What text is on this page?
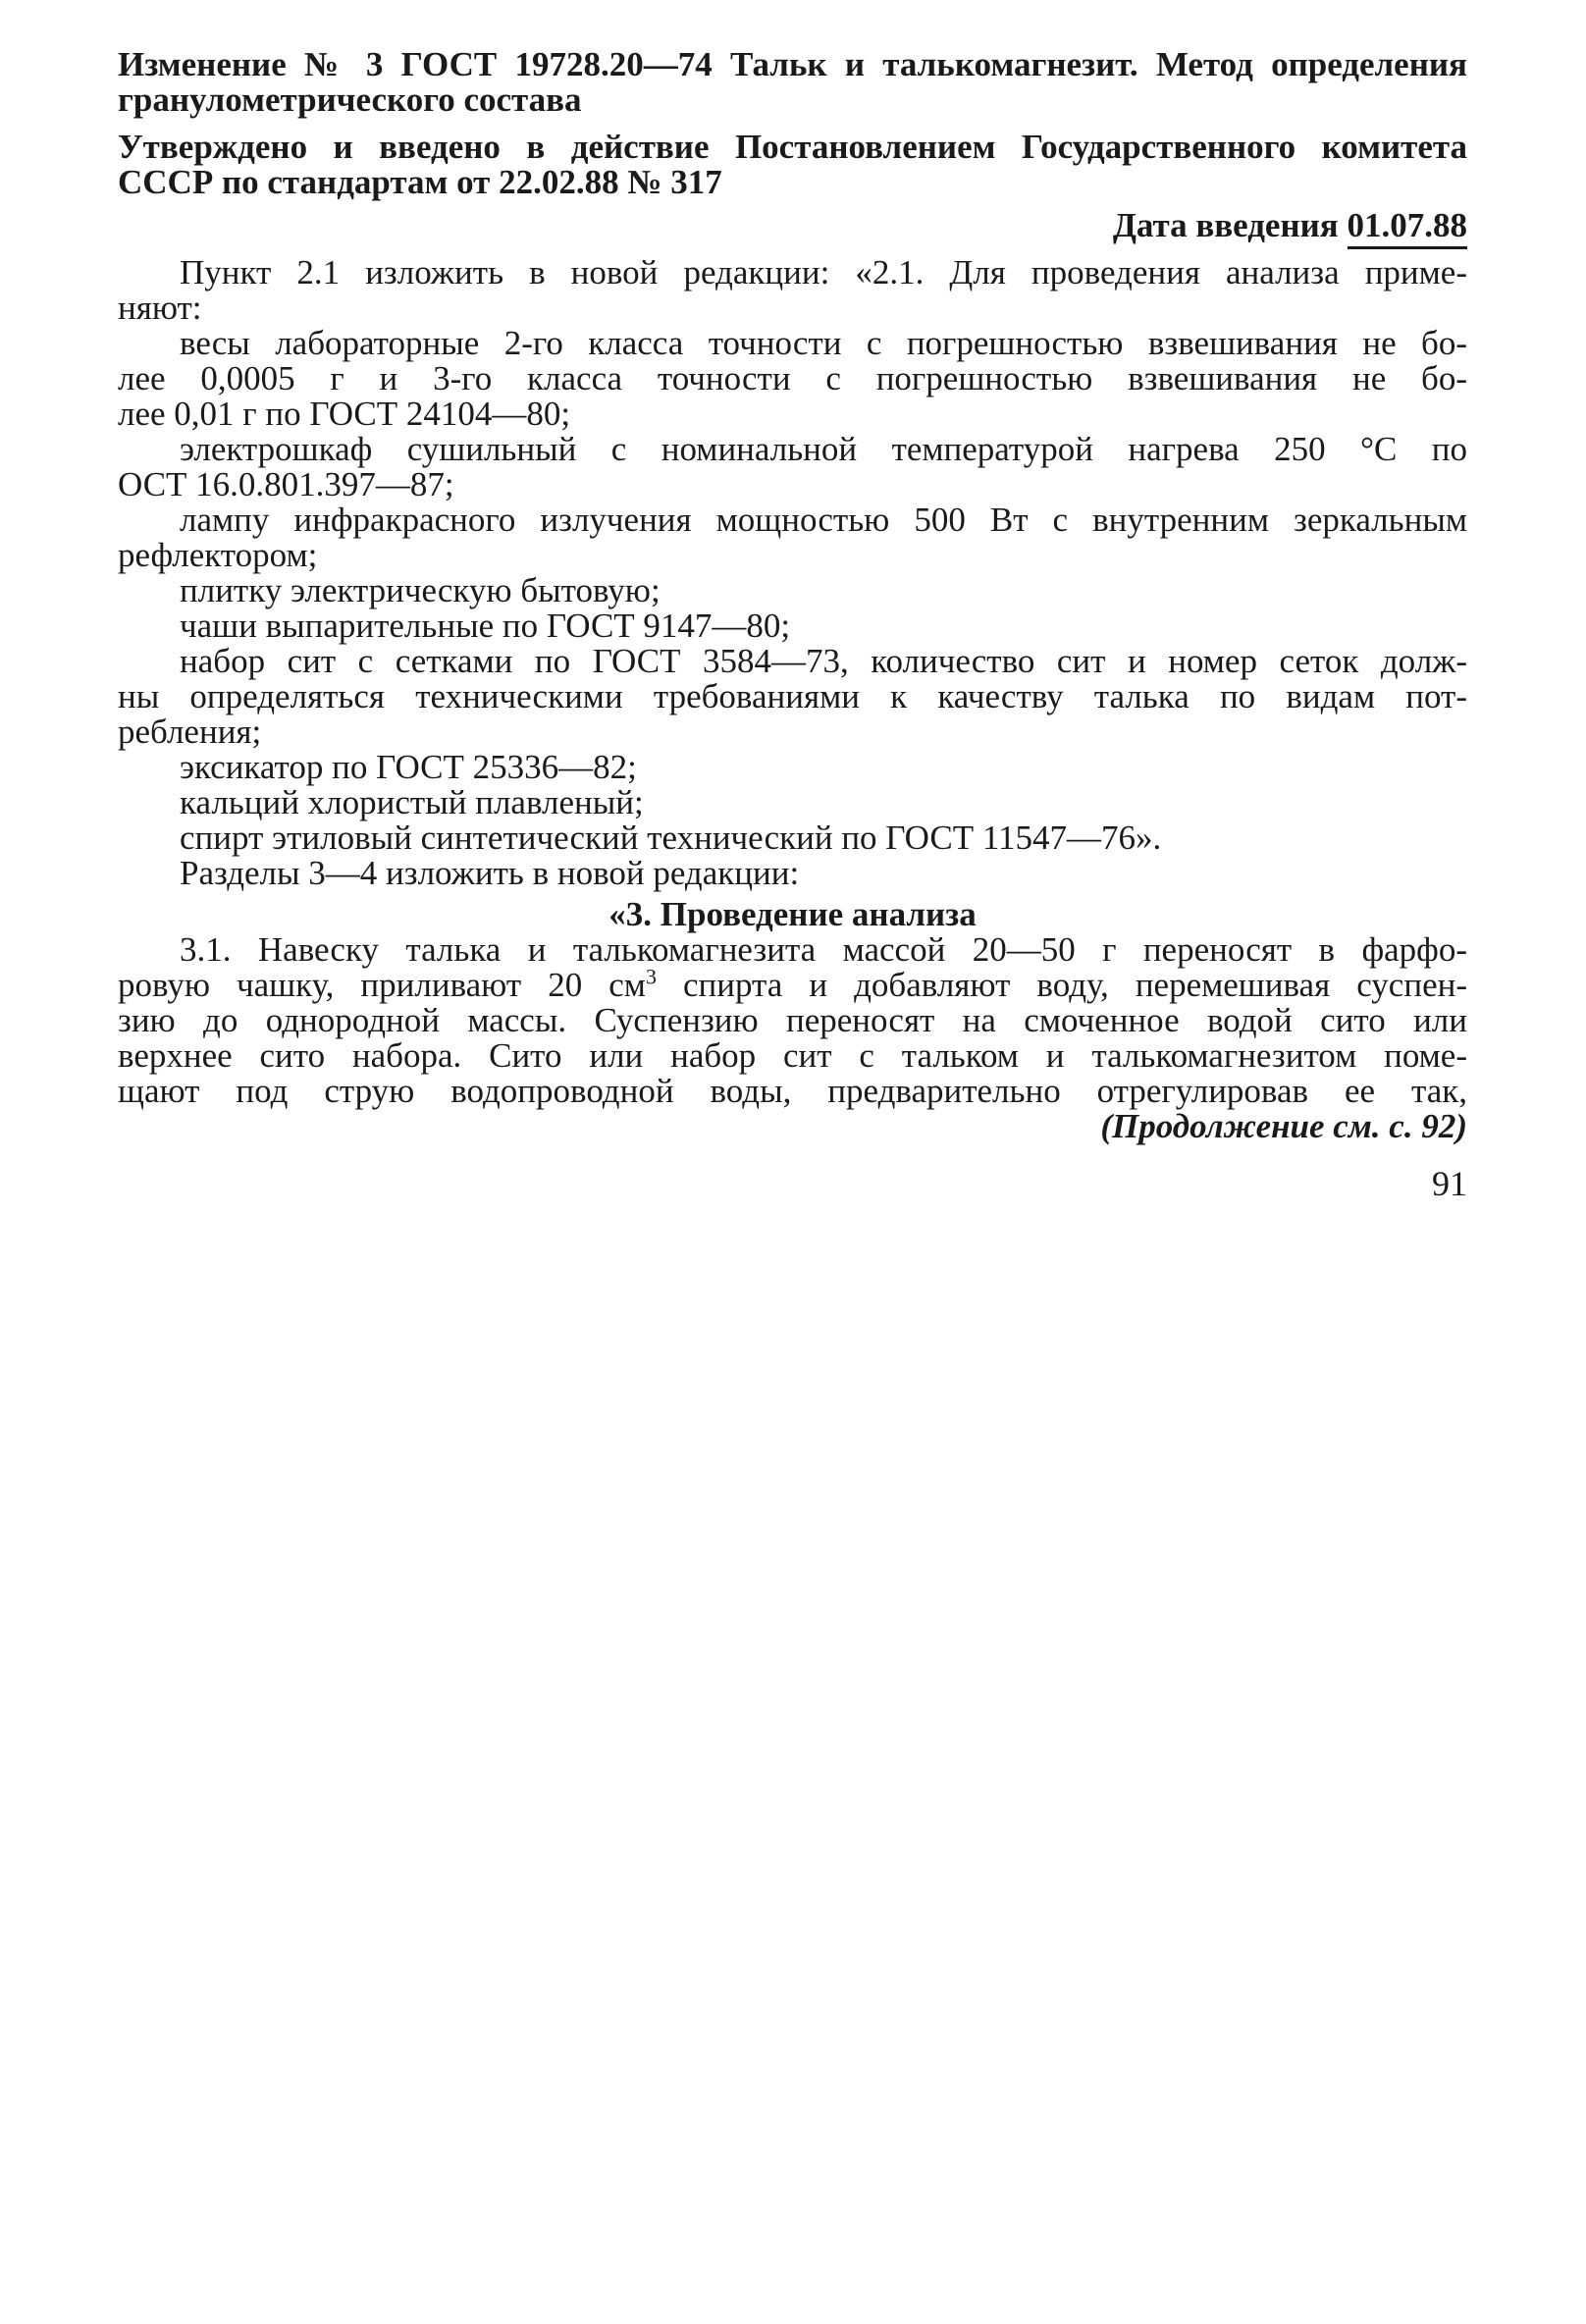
Изменение № 3 ГОСТ 19728.20—74 Тальк и талькомагнезит. Метод определения

гранулометрического состава

Утверждено и введено в действие Постановлением Государственного комитета

СССР по стандартам от 22.02.88 № 317

Дата введения 01.07.88

Пункт 2.1 изложить в новой редакции: «2.1. Для проведения анализа приме-

няют:

весы лабораторные 2-го класса точности с погрешностью взвешивания не бо-

лее 0,0005 г и 3-го класса точности с погрешностью взвешивания не бо-

лее 0,01 г по ГОСТ 24104—80;

электрошкаф сушильный с номинальной температурой нагрева 250 °С по

ОСТ 16.0.801.397—87;

лампу инфракрасного излучения мощностью 500 Вт с внутренним зеркальным

рефлектором;

плитку электрическую бытовую;

чаши выпарительные по ГОСТ 9147—80;

набор сит с сетками по ГОСТ 3584—73, количество сит и номер сеток долж-

ны определяться техническими требованиями к качеству талька по видам пот-

ребления;

эксикатор по ГОСТ 25336—82;

кальций хлористый плавленый;

спирт этиловый синтетический технический по ГОСТ 11547—76».

Разделы 3—4 изложить в новой редакции:

«3. Проведение анализа

3.1. Навеску талька и талькомагнезита массой 20—50 г переносят в фарфо-

ровую чашку, приливают 20 $см^3$ спирта и добавляют воду, перемешивая суспен-

зию до однородной массы. Суспензию переносят на смоченное водой сито или

верхнее сито набора. Сито или набор сит с тальком и талькомагнезитом поме-

щают под струю водопроводной воды, предварительно отрегулировав ее так,

(Продолжение см. с. 92)

91
